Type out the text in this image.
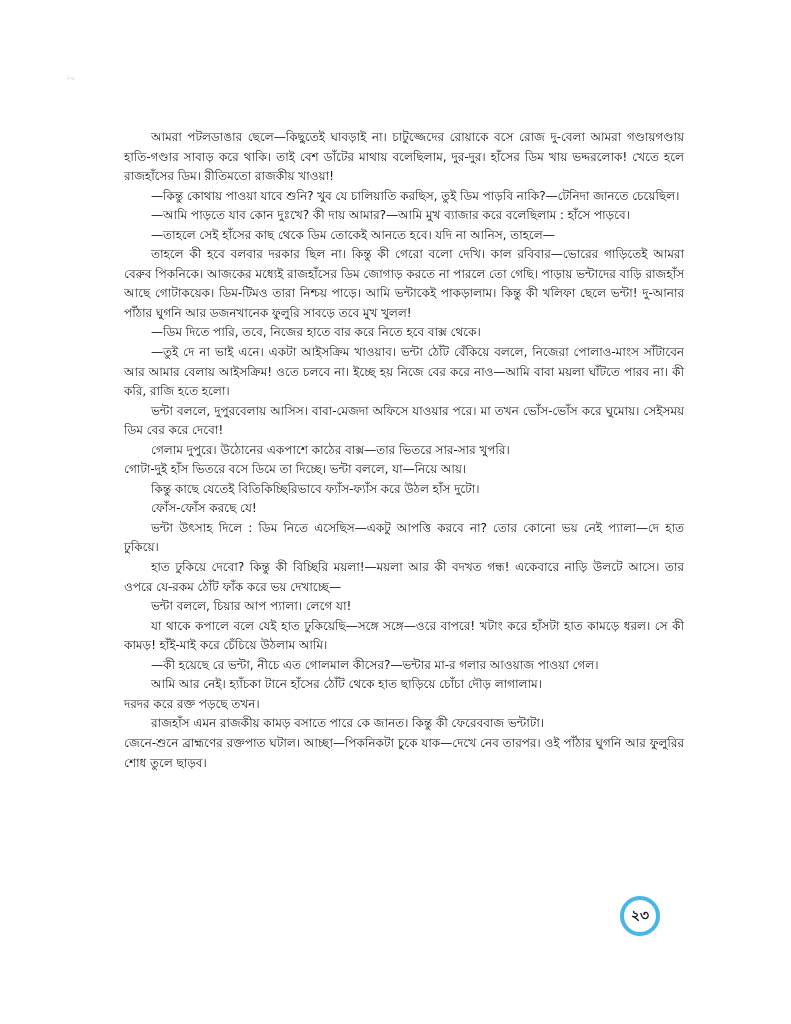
২০

আমরা পটলডাঙার ছেলে—কিছুতেই ঘাবড়াই না। চাটুজ্জেদের রোয়াকে বসে রোজ দু-বেলা আমরা গণ্ডায়গণ্ডায় হাতি-গণ্ডার সাবাড় করে থাকি। তাই বেশ ডাঁটের মাথায় বলেছিলাম, দুর-দুর। হাঁসের ডিম খায় ভদ্দরলোক! খেতে হলে রাজহাঁসের ডিম। রীতিমতো রাজকীয় খাওয়া!

—কিন্তু কোথায় পাওয়া যাবে শুনি? খুব যে চালিয়াতি করছিস, তুই ডিম পাড়বি নাকি?—টেনিদা জানতে চেয়েছিল।

—আমি পাড়তে যাব কোন দুঃখে? কী দায় আমার?—আমি মুখ ব্যাজার করে বলেছিলাম : হাঁসে পাড়বে।

—তাহলে সেই হাঁসের কাছ থেকে ডিম তোকেই আনতে হবে। যদি না আনিস, তাহলে—

তাহলে কী হবে বলবার দরকার ছিল না। কিন্তু কী গেরো বলো দেখি। কাল রবিবার—ভোরের গাড়িতেই আমরা বেরুব পিকনিকে। আজকের মধ্যেই রাজহাঁসের ডিম জোগাড় করতে না পারলে তো গেছি। পাড়ায় ভন্টাদের বাড়ি রাজহাঁস আছে গোটাকয়েক। ডিম-টিমও তারা নিশ্চয় পাড়ে। আমি ভন্টাকেই পাকড়ালাম। কিন্তু কী খলিফা ছেলে ভন্টা! দু-আনার পাঁঠার ঘুগনি আর ডজনখানেক ফুলুরি সাবড়ে তবে মুখ খুলল!

—ডিম দিতে পারি, তবে, নিজের হাতে বার করে নিতে হবে বাক্স থেকে।

—তুই দে না ভাই এনে। একটা আইসক্রিম খাওয়াব। ভন্টা ঠোঁট বেঁকিয়ে বললে, নিজেরা পোলাও-মাংস সাঁটাবেন আর আমার বেলায় আইসক্রিম! ওতে চলবে না। ইচ্ছে হয় নিজে বের করে নাও—আমি বাবা ময়লা ঘাঁটতে পারব না। কী করি, রাজি হতে হলো।

ভন্টা বললে, দুপুরবেলায় আসিস। বাবা-মেজদা অফিসে যাওয়ার পরে। মা তখন ভোঁস-ভোঁস করে ঘুমোয়। সেইসময় ডিম বের করে দেবো!

গেলাম দুপুরে। উঠোনের একপাশে কাঠের বাক্স—তার ভিতরে সার-সার খুপরি।

গোটা-দুই হাঁস ভিতরে বসে ডিমে তা দিচ্ছে। ভন্টা বললে, যা—নিয়ে আয়।

কিন্তু কাছে যেতেই বিতিকিচ্ছিরিভাবে ফ্যাঁস-ফ্যাঁস করে উঠল হাঁস দুটো।

ফোঁস-ফোঁস করছে যে!

ভন্টা উৎসাহ দিলে : ডিম নিতে এসেছিস—একটু আপত্তি করবে না? তোর কোনো ভয় নেই প্যালা—দে হাত ঢুকিয়ে।

হাত ঢুকিয়ে দেবো? কিন্তু কী বিচ্ছিরি ময়লা!—ময়লা আর কী বদখত গন্ধ! একেবারে নাড়ি উলটে আসে। তার ওপরে যে-রকম ঠোঁট ফাঁক করে ভয় দেখাচ্ছে—

ভন্টা বললে, চিয়ার আপ প্যালা। লেগে যা!

যা থাকে কপালে বলে যেই হাত ঢুকিয়েছি—সঙ্গে সঙ্গে—ওরে বাপরে! খটাং করে হাঁসটা হাত কামড়ে ধরল। সে কী কামড়! হাঁই-মাই করে চেঁচিয়ে উঠলাম আমি।

—কী হয়েছে রে ভন্টা, নীচে এত গোলমাল কীসের?—ভন্টার মা-র গলার আওয়াজ পাওয়া গেল।

আমি আর নেই। হ্যাঁচকা টানে হাঁসের ঠোঁট থেকে হাত ছাড়িয়ে চোঁচা দৌড় লাগালাম।

দরদর করে রক্ত পড়ছে তখন।

রাজহাঁস এমন রাজকীয় কামড় বসাতে পারে কে জানত। কিন্তু কী ফেরেববাজ ভন্টাটা।

জেনে-শুনে ব্রাহ্মণের রক্তপাত ঘটাল। আচ্ছা—পিকনিকটা চুকে যাক—দেখে নেব তারপর। ওই পাঁঠার ঘুগনি আর ফুলুরির শোধ তুলে ছাড়ব।

২৩
